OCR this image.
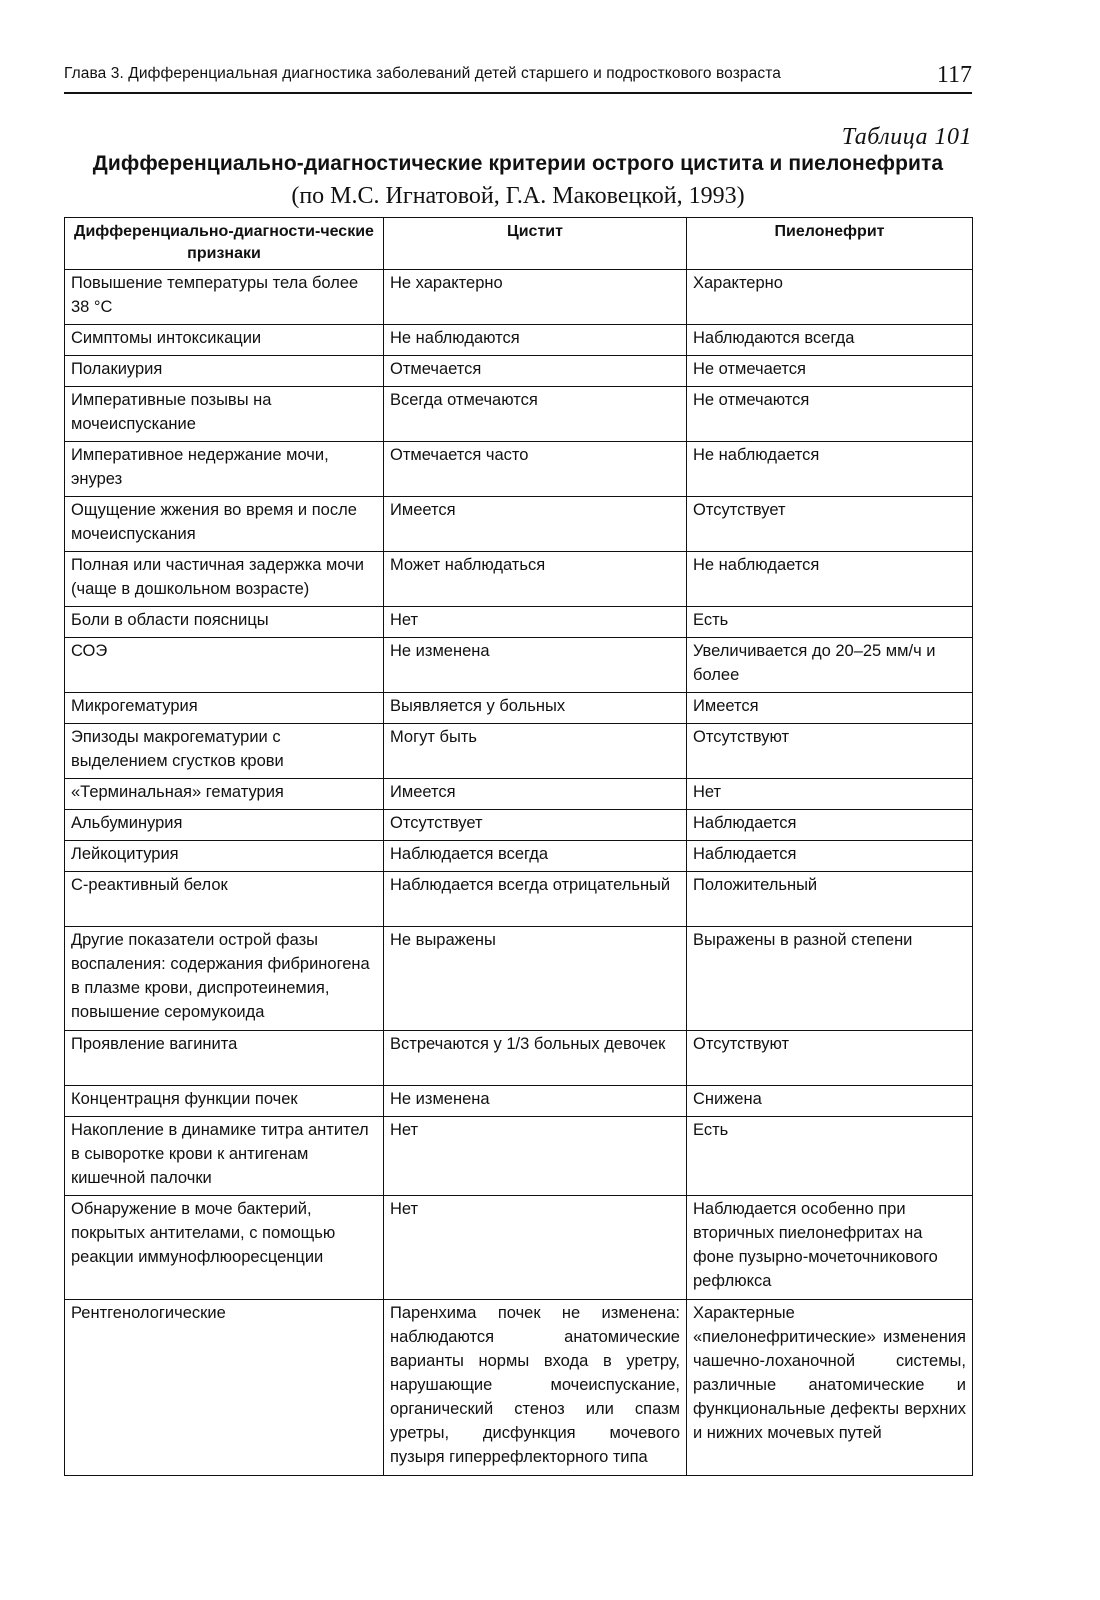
Глава 3. Дифференциальная диагностика заболеваний детей старшего и подросткового возраста	117
Таблица 101
Дифференциально-диагностические критерии острого цистита и пиелонефрита
(по М.С. Игнатовой, Г.А. Маковецкой, 1993)
Дифференциально-диагности-ческие признаки	Цистит	Пиелонефрит
Повышение температуры тела более 38 °С	Не характерно	Характерно
Симптомы интоксикации	Не наблюдаются	Наблюдаются всегда
Полакиурия	Отмечается	Не отмечается
Императивные позывы на мочеиспускание	Всегда отмечаются	Не отмечаются
Императивное недержание мочи, энурез	Отмечается часто	Не наблюдается
Ощущение жжения во время и после мочеиспускания	Имеется	Отсутствует
Полная или частичная задержка мочи (чаще в дошкольном возрасте)	Может наблюдаться	Не наблюдается
Боли в области поясницы	Нет	Есть
СОЭ	Не изменена	Увеличивается до 20–25 мм/ч и более
Микрогематурия	Выявляется у больных	Имеется
Эпизоды макрогематурии с выделением сгустков крови	Могут быть	Отсутствуют
«Терминальная» гематурия	Имеется	Нет
Альбуминурия	Отсутствует	Наблюдается
Лейкоцитурия	Наблюдается всегда	Наблюдается
С-реактивный белок	Наблюдается всегда отрицательный	Положительный
Другие показатели острой фазы воспаления: содержания фибриногена в плазме крови, диспротеинемия, повышение серомукоида	Не выражены	Выражены в разной степени
Проявление вагинита	Встречаются у 1/3 больных девочек	Отсутствуют
Концентрацня функции почек	Не изменена	Снижена
Накопление в динамике титра антител в сыворотке крови к антигенам кишечной палочки	Нет	Есть
Обнаружение в моче бактерий, покрытых антителами, с помощью реакции иммунофлюоресценции	Нет	Наблюдается особенно при вторичных пиелонефритах на фоне пузырно-мочеточникового рефлюкса
Рентгенологические	Паренхима почек не изменена: наблюдаются анатомические варианты нормы входа в уретру, нарушающие мочеиспускание, органический стеноз или спазм уретры, дисфункция мочевого пузыря гиперрефлекторного типа	Характерные «пиелонефритические» изменения чашечно-лоханочной системы, различные анатомические и функциональные дефекты верхних и нижних мочевых путей
